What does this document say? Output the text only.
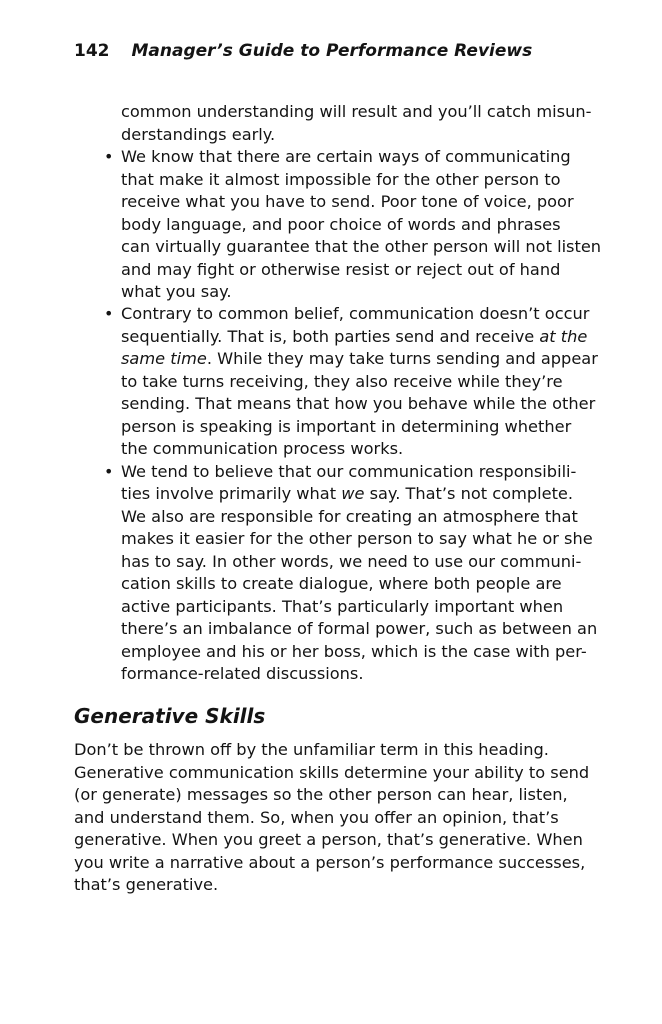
142 Manager’s Guide to Performance Reviews
•
•
•
common understanding will result and you’ll catch misun-
derstandings early.
We know that there are certain ways of communicating
that make it almost impossible for the other person to
receive what you have to send. Poor tone of voice, poor
body language, and poor choice of words and phrases
can virtually guarantee that the other person will not listen
and may fight or otherwise resist or reject out of hand
what you say.
Contrary to common belief, communication doesn’t occur
sequentially. That is, both parties send and receive at the
same time. While they may take turns sending and appear
to take turns receiving, they also receive while they’re
sending. That means that how you behave while the other
person is speaking is important in determining whether
the communication process works.
We tend to believe that our communication responsibili-
ties involve primarily what we say. That’s not complete.
We also are responsible for creating an atmosphere that
makes it easier for the other person to say what he or she
has to say. In other words, we need to use our communi-
cation skills to create dialogue, where both people are
active participants. That’s particularly important when
there’s an imbalance of formal power, such as between an
employee and his or her boss, which is the case with per-
formance-related discussions.
Generative Skills
Don’t be thrown off by the unfamiliar term in this heading.
Generative communication skills determine your ability to send
(or generate) messages so the other person can hear, listen,
and understand them. So, when you offer an opinion, that’s
generative. When you greet a person, that’s generative. When
you write a narrative about a person’s performance successes,
that’s generative.
